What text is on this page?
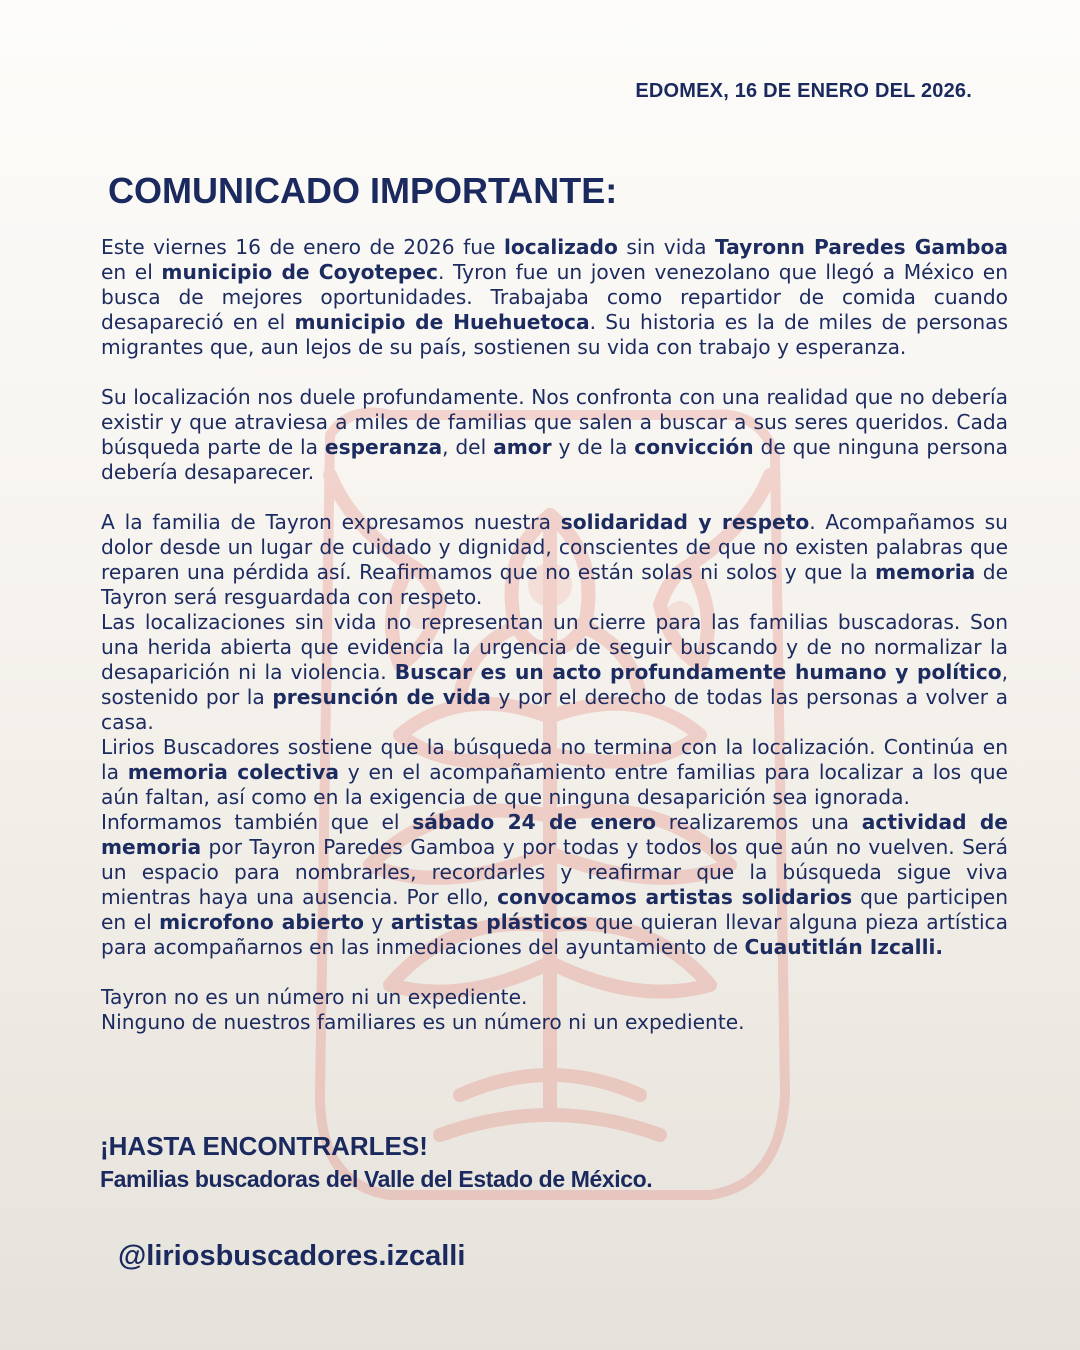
EDOMEX, 16 DE ENERO DEL 2026.
COMUNICADO IMPORTANTE:

Este viernes 16 de enero de 2026 fue localizado sin vida Tayronn Paredes Gamboa en el municipio de Coyotepec. Tyron fue un joven venezolano que llegó a México en busca de mejores oportunidades. Trabajaba como repartidor de comida cuando desapareció en el municipio de Huehuetoca. Su historia es la de miles de personas migrantes que, aun lejos de su país, sostienen su vida con trabajo y esperanza.

Su localización nos duele profundamente. Nos confronta con una realidad que no debería existir y que atraviesa a miles de familias que salen a buscar a sus seres queridos. Cada búsqueda parte de la esperanza, del amor y de la convicción de que ninguna persona debería desaparecer.

A la familia de Tayron expresamos nuestra solidaridad y respeto. Acompañamos su dolor desde un lugar de cuidado y dignidad, conscientes de que no existen palabras que reparen una pérdida así. Reafirmamos que no están solas ni solos y que la memoria de Tayron será resguardada con respeto.

Las localizaciones sin vida no representan un cierre para las familias buscadoras. Son una herida abierta que evidencia la urgencia de seguir buscando y de no normalizar la desaparición ni la violencia. Buscar es un acto profundamente humano y político, sostenido por la presunción de vida y por el derecho de todas las personas a volver a casa.

Lirios Buscadores sostiene que la búsqueda no termina con la localización. Continúa en la memoria colectiva y en el acompañamiento entre familias para localizar a los que aún faltan, así como en la exigencia de que ninguna desaparición sea ignorada.

Informamos también que el sábado 24 de enero realizaremos una actividad de memoria por Tayron Paredes Gamboa y por todas y todos los que aún no vuelven. Será un espacio para nombrarles, recordarles y reafirmar que la búsqueda sigue viva mientras haya una ausencia. Por ello, convocamos artistas solidarios que participen en el microfono abierto y artistas plásticos que quieran llevar alguna pieza artística para acompañarnos en las inmediaciones del ayuntamiento de Cuautitlán Izcalli.

Tayron no es un número ni un expediente.

Ninguno de nuestros familiares es un número ni un expediente.

¡HASTA ENCONTRARLES!
Familias buscadoras del Valle del Estado de México.
@liriosbuscadores.izcalli
